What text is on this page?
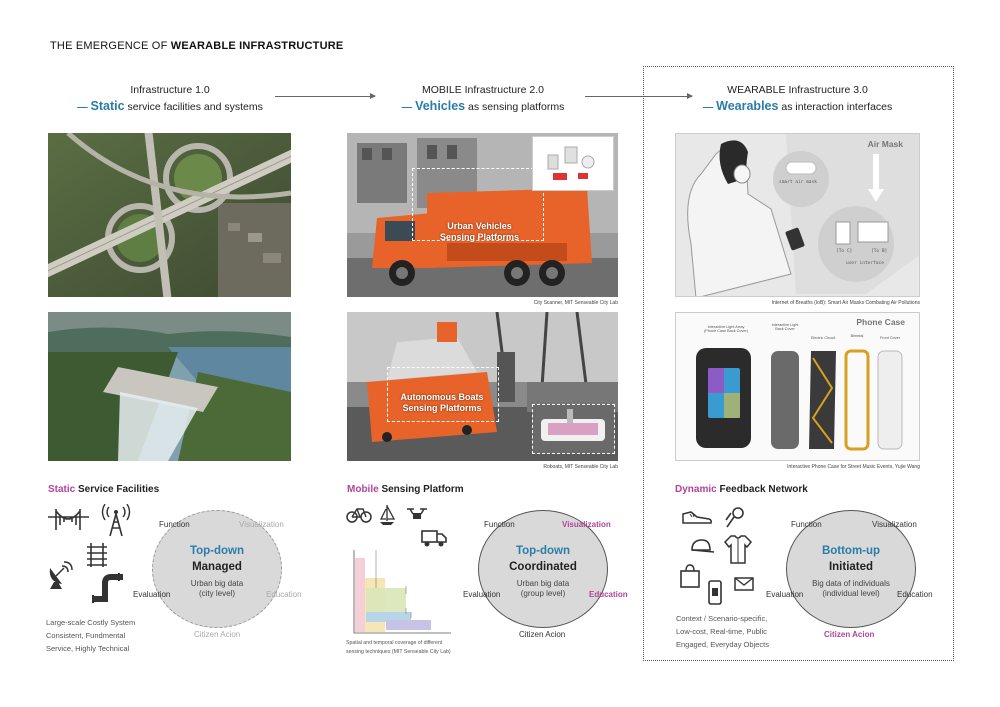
THE EMERGENCE OF WEARABLE INFRASTRUCTURE
Infrastructure 1.0
— Static service facilities and systems
MOBILE Infrastructure 2.0
— Vehicles as sensing platforms
WEARABLE Infrastructure 3.0
— Wearables as interaction interfaces
Urban Vehicles
Sensing Platforms
City Scanner, MIT Senseable City Lab
Autonomous Boats
Sensing Platforms
Roboats, MIT Senseable City Lab
Air Mask
smart air mask
[To C]	[To B]
user interface
Internet of Breaths (IoB): Smart Air Masks Combating Air Pollutions
Phone Case
Interactive Light Array
(Phone Case Back Cover)
Interactive Light
Back Cover
Electric Circuit	Bimetal	Front Cover
Interactive Phone Case for Street Music Events, Yujie Wang
Static Service Facilities
Large-scale Costly System
Consistent, Fundmental
Service, Highly Technical
Top-down
Managed
Urban big data
(city level)
Function	Visualization
Evaluation	Education
Citizen Acion
Mobile Sensing Platform
Spatial and temporal coverage of different
sensing techniques (MIT Senseable City Lab)
Top-down
Coordinated
Urban big data
(group level)
Function	Visualization
Evaluation	Education
Citizen Acion
Dynamic Feedback Network
Context / Scenario-specific,
Low-cost, Real-time, Public
Engaged, Everyday Objects
Bottom-up
Initiated
Big data of individuals
(individual level)
Function	Visualization
Evaluation	Education
Citizen Acion
